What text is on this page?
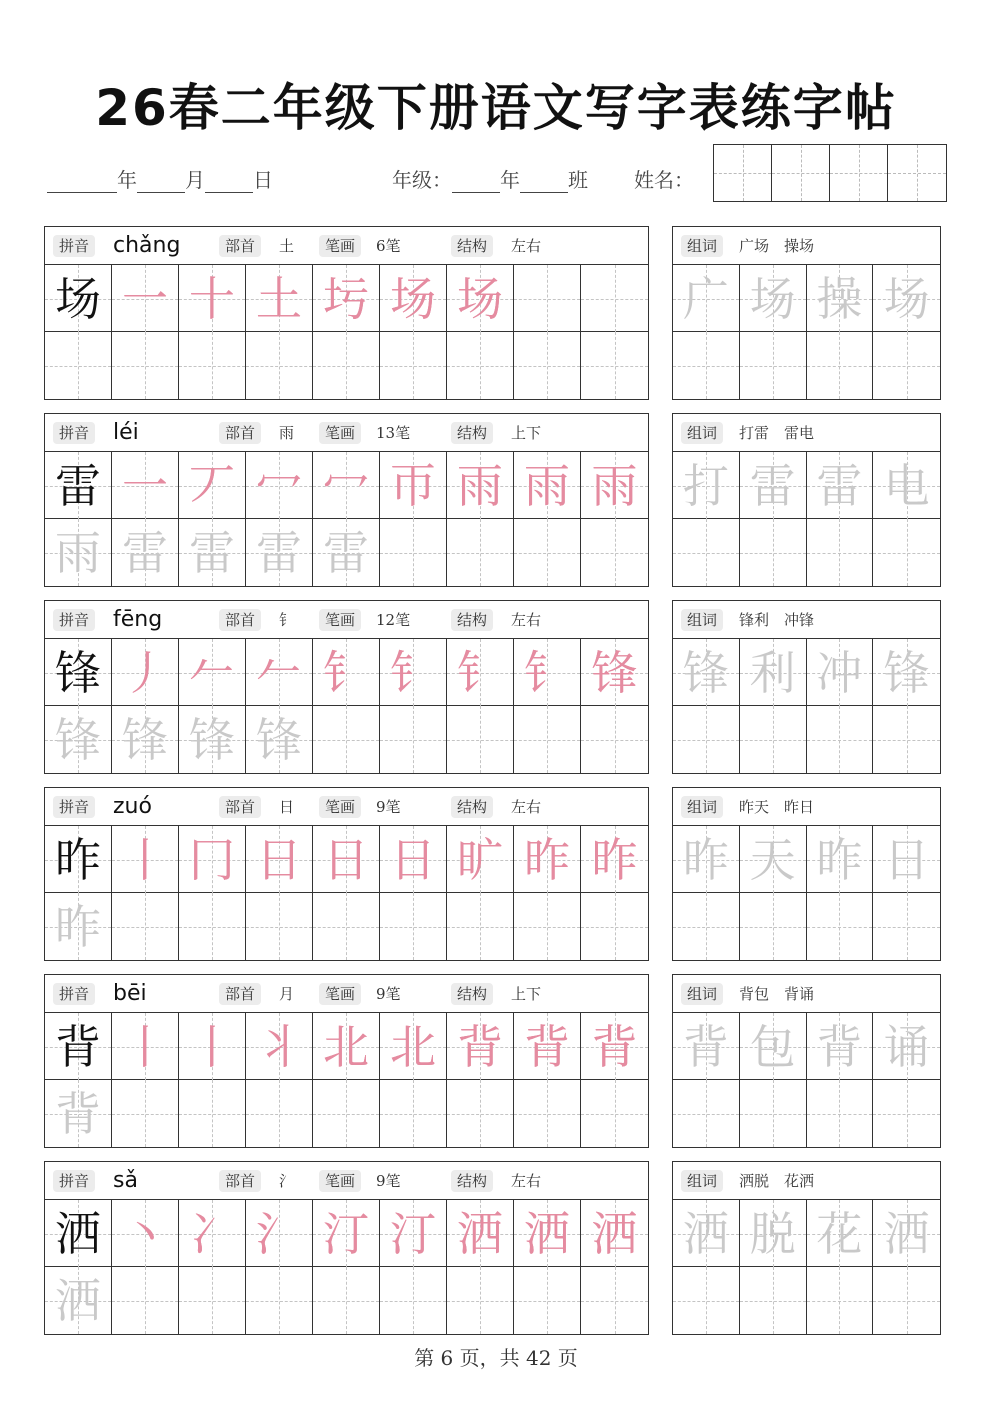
26春二年级下册语文写字表练字帖
年 月 日	年级： 年 班 姓名：
拼音 chǎng	部首	土	笔画	6笔	结构	左右
场 一 十 土 圬 场 场
组词	广场　操场
广 场 操 场
拼音 léi	部首	雨	笔画	13笔	结构	上下
雷 一 丆 冖 冖 帀 雨 雨 雨
雨 雷 雷 雷 雷
组词	打雷　雷电
打 雷 雷 电
拼音 fēng	部首	钅	笔画	12笔	结构	左右
锋 丿 𠂉 𠂉 钅 钅 钅 钅 锋
锋 锋 锋 锋
组词	锋利　冲锋
锋 利 冲 锋
拼音 zuó	部首	日	笔画	9笔	结构	左右
昨 丨 冂 日 日 日 旷 昨 昨
昨
组词	昨天　昨日
昨 天 昨 日
拼音 bēi	部首	月	笔画	9笔	结构	上下
背 丨 丨 丬 北 北 背 背 背
背
组词	背包　背诵
背 包 背 诵
拼音 sǎ	部首	氵	笔画	9笔	结构	左右
洒 丶 冫 氵 汀 汀 洒 洒 洒
洒
组词	洒脱　花洒
洒 脱 花 洒
第 6 页，共 42 页
